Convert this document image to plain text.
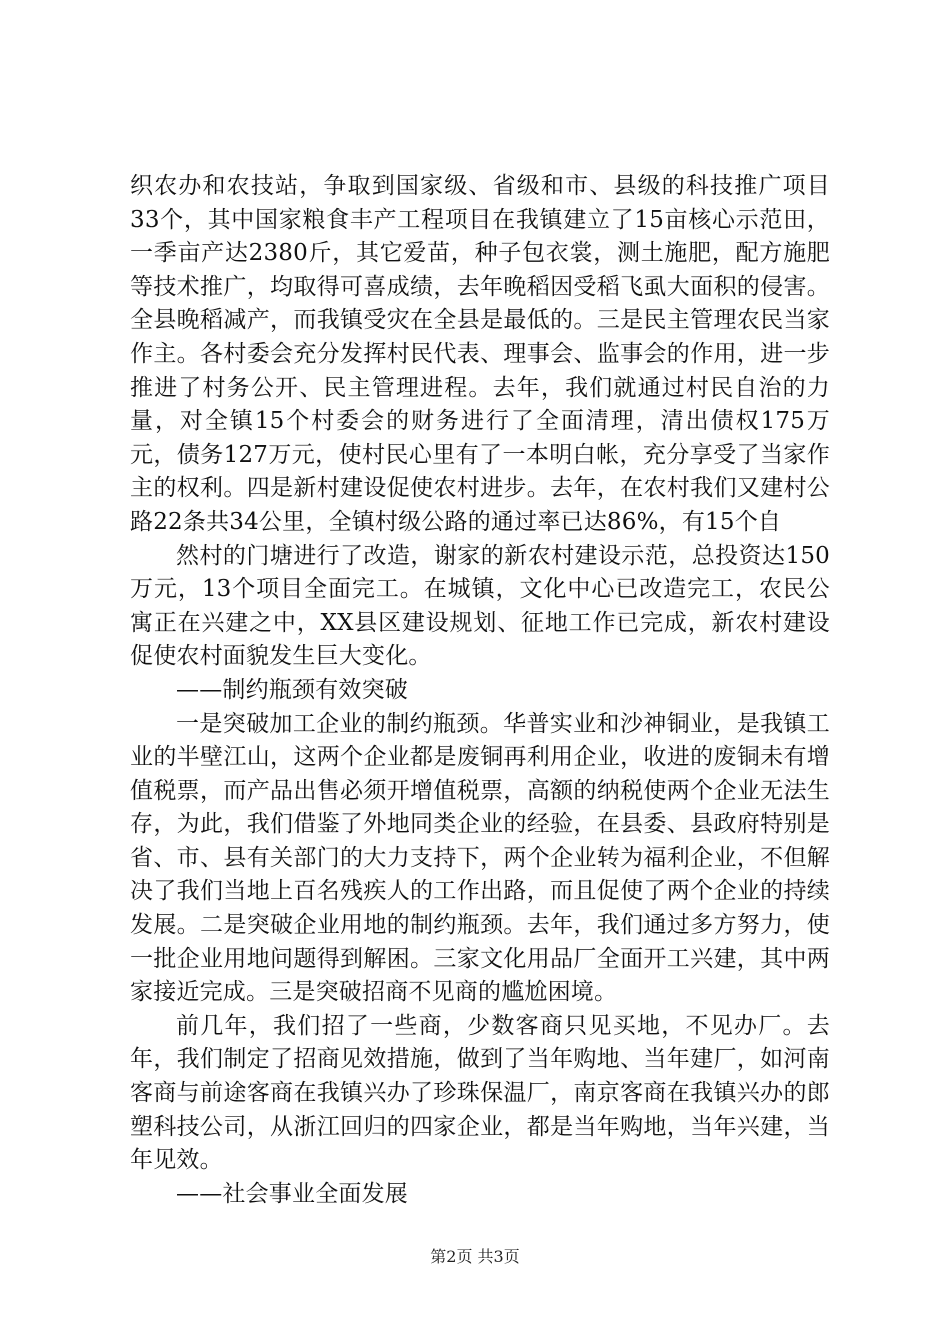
织农办和农技站，争取到国家级、省级和市、县级的科技推广项目33个，其中国家粮食丰产工程项目在我镇建立了15亩核心示范田，一季亩产达2380斤，其它爱苗，种子包衣裳，测土施肥，配方施肥等技术推广，均取得可喜成绩，去年晚稻因受稻飞虱大面积的侵害。全县晚稻减产，而我镇受灾在全县是最低的。三是民主管理农民当家作主。各村委会充分发挥村民代表、理事会、监事会的作用，进一步推进了村务公开、民主管理进程。去年，我们就通过村民自治的力量，对全镇15个村委会的财务进行了全面清理，清出债权175万元，债务127万元，使村民心里有了一本明白帐，充分享受了当家作主的权利。四是新村建设促使农村进步。去年，在农村我们又建村公路22条共34公里，全镇村级公路的通过率已达86%，有15个自

然村的门塘进行了改造，谢家的新农村建设示范，总投资达150万元，13个项目全面完工。在城镇，文化中心已改造完工，农民公寓正在兴建之中，XX县区建设规划、征地工作已完成，新农村建设促使农村面貌发生巨大变化。

——制约瓶颈有效突破

一是突破加工企业的制约瓶颈。华普实业和沙神铜业，是我镇工业的半壁江山，这两个企业都是废铜再利用企业，收进的废铜未有增值税票，而产品出售必须开增值税票，高额的纳税使两个企业无法生存，为此，我们借鉴了外地同类企业的经验，在县委、县政府特别是省、市、县有关部门的大力支持下，两个企业转为福利企业，不但解决了我们当地上百名残疾人的工作出路，而且促使了两个企业的持续发展。二是突破企业用地的制约瓶颈。去年，我们通过多方努力，使一批企业用地问题得到解困。三家文化用品厂全面开工兴建，其中两家接近完成。三是突破招商不见商的尴尬困境。

前几年，我们招了一些商，少数客商只见买地，不见办厂。去年，我们制定了招商见效措施，做到了当年购地、当年建厂，如河南客商与前途客商在我镇兴办了珍珠保温厂，南京客商在我镇兴办的郎塑科技公司，从浙江回归的四家企业，都是当年购地，当年兴建，当年见效。

——社会事业全面发展

第2页 共3页
